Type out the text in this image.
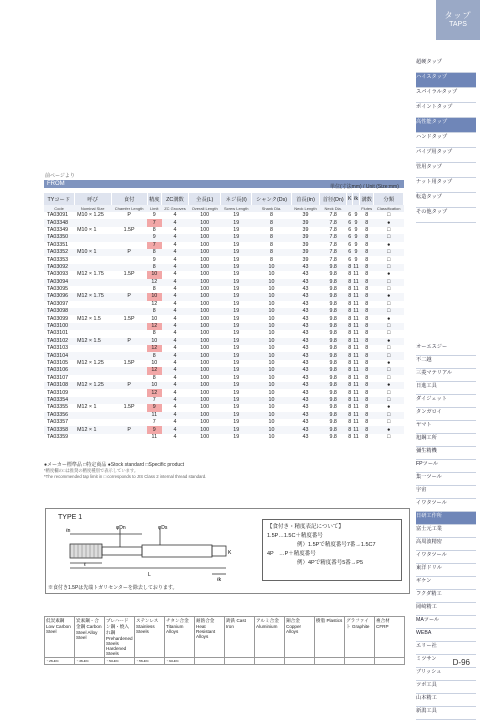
タップ
TAPS
超硬タップ
ハイスタップ
スパイラルタップ
ポイントタップ
高性能タップ
ハンドタップ
パイプ用タップ
管用タップ
ナット用タップ
転造タップ
その他タップ
オーエスジー
不二越
三菱マテリアル
日進工具
ダイジェット
タンガロイ
ヤマト
旭鋼工所
彌生精機
FPツール
集一ツール
宇宙
イワタツール
日研工作所
富士元工業
高周波精密
イワタツール
東洋ドリル
ギケン
フクダ精工
岡崎精工
MAツール
WEBA
エリー社
ミツサン
ブリッシュ
ツボ工具
山本精工
新潟工具
前ページより
FROM	単位(寸法mm) / Unit (Size:mm)
TYコード	呼び	食付	精度	ZC溝数	全長(L)	ネジ長(ℓ)	シャンク(Ds)	首長(ℓn)	首径(Dn)	K	ℓk	溝数	分類
Code	Nominal Size	Chamfer Length	Limit	ZC Grooves	Overall Length	Screw Length	Shank Dia.	Neck Length	Neck Dia.			Flutes	Classification
TA03091	M10 × 1.25	P	9	4	100	19	8	39	7.8	6	9	8	□
TA03348			7	4	100	19	8	39	7.8	6	9	8	●
TA03349	M10 × 1	1.5P	8	4	100	19	8	39	7.8	6	9	8	□
TA03350			9	4	100	19	8	39	7.8	6	9	8	□
TA03351			7	4	100	19	8	39	7.8	6	9	8	●
TA03352	M10 × 1	P	8	4	100	19	8	39	7.8	6	9	8	□
TA03353			9	4	100	19	8	39	7.8	6	9	8	□
TA03092			8	4	100	19	10	43	9.8	8	11	8	□
TA03093	M12 × 1.75	1.5P	10	4	100	19	10	43	9.8	8	11	8	●
TA03094			12	4	100	19	10	43	9.8	8	11	8	□
TA03095			8	4	100	19	10	43	9.8	8	11	8	□
TA03096	M12 × 1.75	P	10	4	100	19	10	43	9.8	8	11	8	●
TA03097			12	4	100	19	10	43	9.8	8	11	8	□
TA03098			8	4	100	19	10	43	9.8	8	11	8	□
TA03099	M12 × 1.5	1.5P	10	4	100	19	10	43	9.8	8	11	8	●
TA03100			12	4	100	19	10	43	9.8	8	11	8	□
TA03101			8	4	100	19	10	43	9.8	8	11	8	□
TA03102	M12 × 1.5	P	10	4	100	19	10	43	9.8	8	11	8	●
TA03103			12	4	100	19	10	43	9.8	8	11	8	□
TA03104			8	4	100	19	10	43	9.8	8	11	8	□
TA03105	M12 × 1.25	1.5P	10	4	100	19	10	43	9.8	8	11	8	●
TA03106			12	4	100	19	10	43	9.8	8	11	8	□
TA03107			8	4	100	19	10	43	9.8	8	11	8	□
TA03108	M12 × 1.25	P	10	4	100	19	10	43	9.8	8	11	8	●
TA03109			12	4	100	19	10	43	9.8	8	11	8	□
TA03354			7	4	100	19	10	43	9.8	8	11	8	□
TA03355	M12 × 1	1.5P	9	4	100	19	10	43	9.8	8	11	8	●
TA03356			11	4	100	19	10	43	9.8	8	11	8	□
TA03357			7	4	100	19	10	43	9.8	8	11	8	□
TA03358	M12 × 1	P	9	4	100	19	10	43	9.8	8	11	8	●
TA03359			11	4	100	19	10	43	9.8	8	11	8	□
●メーカー標準品 □特定商品 ●Stock standard □Specific product
*精度欄の□は推奨の精度種別で表示しています。
*The recommended tap limit in □ corresponds to JIS Class 2 internal thread standard.
TYPE 1
ℓn	φDn	φDs
ℓ
L
K
ℓk
【食付き・精度表記について】
1.5P…1.5C＋精度番号
例）1.5Pで精度番号7番→1.5C7
4P　…P＋精度番号
例）4Pで精度番号5番→P5
※食付き1.5Pは先端トガリセンターを除去しております。
低炭素鋼 Low Carbon Steel	炭素鋼・合金鋼 Carbon Steel Alloy Steel	プレハードン鋼・焼入れ鋼 Prehardened Steels Hardened Steels	ステンレス Stainless Steels	チタン合金 Titanium Alloys	耐熱合金 Heat Resistant Alloys	鋳鉄 Cast Iron	アルミ合金 Aluminium	銅合金 Copper Alloys	樹脂 Plastics	グラファイト Graphite	複合材 CFRP
〜25HRC	〜45HRC	〜50HRC	〜55HRC	〜60HRC								D-96
